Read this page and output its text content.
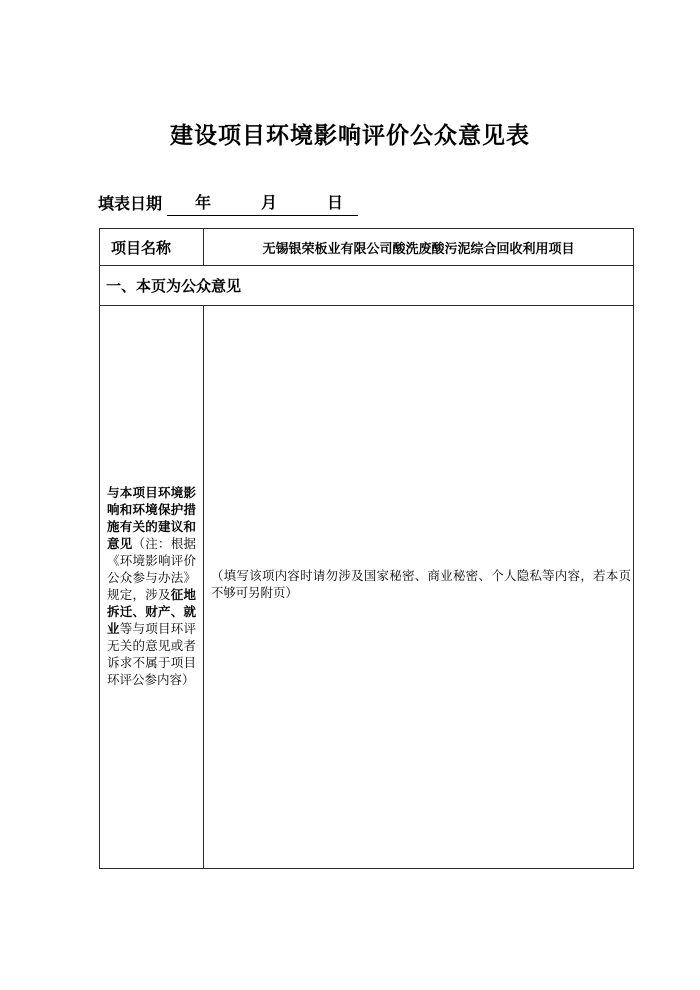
建设项目环境影响评价公众意见表
填表日期 年	月	日
项目名称	无锡银荣板业有限公司酸洗废酸污泥综合回收利用项目
一、本页为公众意见	

与本项目环境影响和环境保护措施有关的建议和意见（注：根据《环境影响评价公众参与办法》规定，涉及征地拆迁、财产、就业等与项目环评无关的意见或者诉求不属于项目环评公参内容）	（填写该项内容时请勿涉及国家秘密、商业秘密、个人隐私等内容，若本页不够可另附页）
